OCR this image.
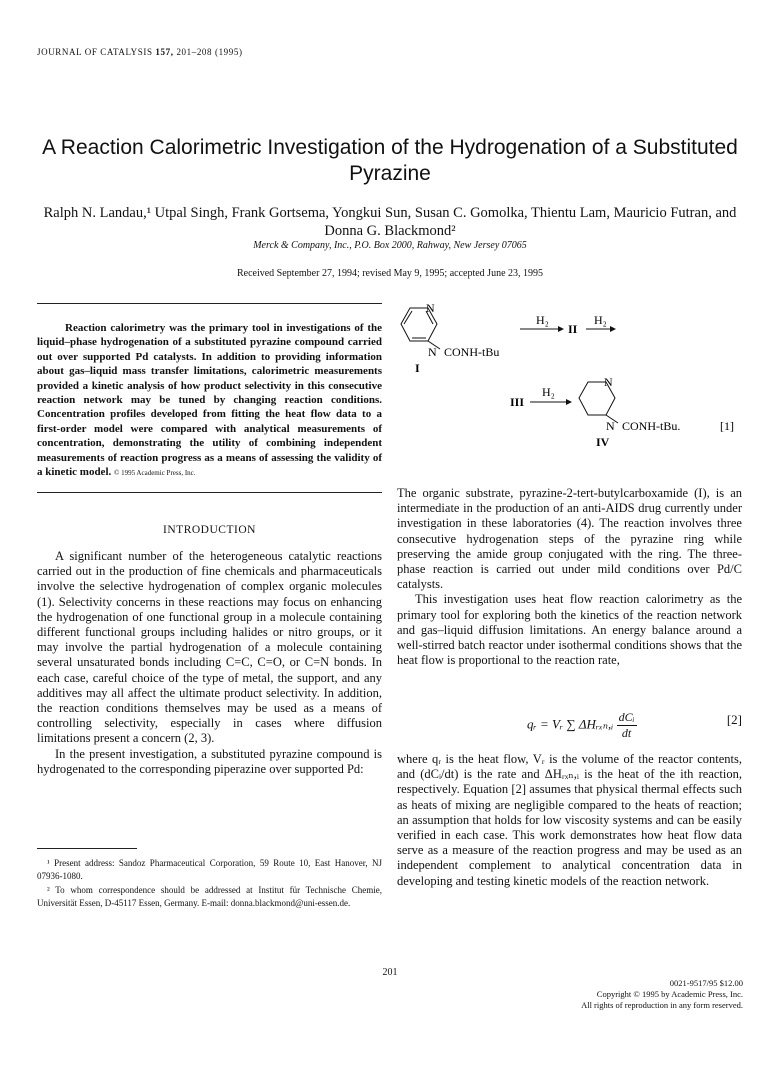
JOURNAL OF CATALYSIS 157, 201–208 (1995)
A Reaction Calorimetric Investigation of the Hydrogenation of a Substituted Pyrazine
Ralph N. Landau,¹ Utpal Singh, Frank Gortsema, Yongkui Sun, Susan C. Gomolka, Thientu Lam, Mauricio Futran, and Donna G. Blackmond²
Merck & Company, Inc., P.O. Box 2000, Rahway, New Jersey 07065
Received September 27, 1994; revised May 9, 1995; accepted June 23, 1995
Reaction calorimetry was the primary tool in investigations of the liquid–phase hydrogenation of a substituted pyrazine compound carried out over supported Pd catalysts. In addition to providing information about gas–liquid mass transfer limitations, calorimetric measurements provided a kinetic analysis of how product selectivity in this consecutive reaction network may be tuned by changing reaction conditions. Concentration profiles developed from fitting the heat flow data to a first-order model were compared with analytical measurements of concentration, demonstrating the utility of combining independent measurements of reaction progress as a means of assessing the validity of a kinetic model. © 1995 Academic Press, Inc.
INTRODUCTION

A significant number of the heterogeneous catalytic reactions carried out in the production of fine chemicals and pharmaceuticals involve the selective hydrogenation of complex organic molecules (1). Selectivity concerns in these reactions may focus on enhancing the hydrogenation of one functional group in a molecule containing different functional groups including halides or nitro groups, or it may involve the partial hydrogenation of a molecule containing several unsaturated bonds including C=C, C=O, or C=N bonds. In each case, careful choice of the type of metal, the support, and any additives may all affect the ultimate product selectivity. In addition, the reaction conditions themselves may be used as a means of controlling selectivity, especially in cases where diffusion limitations present a concern (2, 3).

In the present investigation, a substituted pyrazine compound is hydrogenated to the corresponding piperazine over supported Pd:

¹ Present address: Sandoz Pharmaceutical Corporation, 59 Route 10, East Hanover, NJ 07936-1080.

² To whom correspondence should be addressed at Institut für Technische Chemie, Universität Essen, D-45117 Essen, Germany. E-mail: donna.blackmond@uni-essen.de.

N
N CONH-tBu
I
H₂
II
H₂
III
H₂
N
N CONH-tBu.
IV
[1]

The organic substrate, pyrazine-2-tert-butylcarboxamide (I), is an intermediate in the production of an anti-AIDS drug currently under investigation in these laboratories (4). The reaction involves three consecutive hydrogenation steps of the pyrazine ring while preserving the amide group conjugated with the ring. The three-phase reaction is carried out under mild conditions over Pd/C catalysts.

This investigation uses heat flow reaction calorimetry as the primary tool for exploring both the kinetics of the reaction network and gas–liquid diffusion limitations. An energy balance around a well-stirred batch reactor under isothermal conditions shows that the heat flow is proportional to the reaction rate,

qᵣ = Vᵣ ∑ ΔHᵣₓₙ,ᵢ $\frac{\text{dCᵢ}}{dt}$	[2]

where qᵣ is the heat flow, Vᵣ is the volume of the reactor contents, and (dCᵢ/dt) is the rate and ΔHᵣₓₙ,ᵢ is the heat of the ith reaction, respectively. Equation [2] assumes that physical thermal effects such as heats of mixing are negligible compared to the heats of reaction; an assumption that holds for low viscosity systems and can be easily verified in each case. This work demonstrates how heat flow data serve as a measure of the reaction progress and may be used as an independent complement to analytical concentration data in developing and testing kinetic models of the reaction network.

201
0021-9517/95 $12.00
Copyright © 1995 by Academic Press, Inc.
All rights of reproduction in any form reserved.
